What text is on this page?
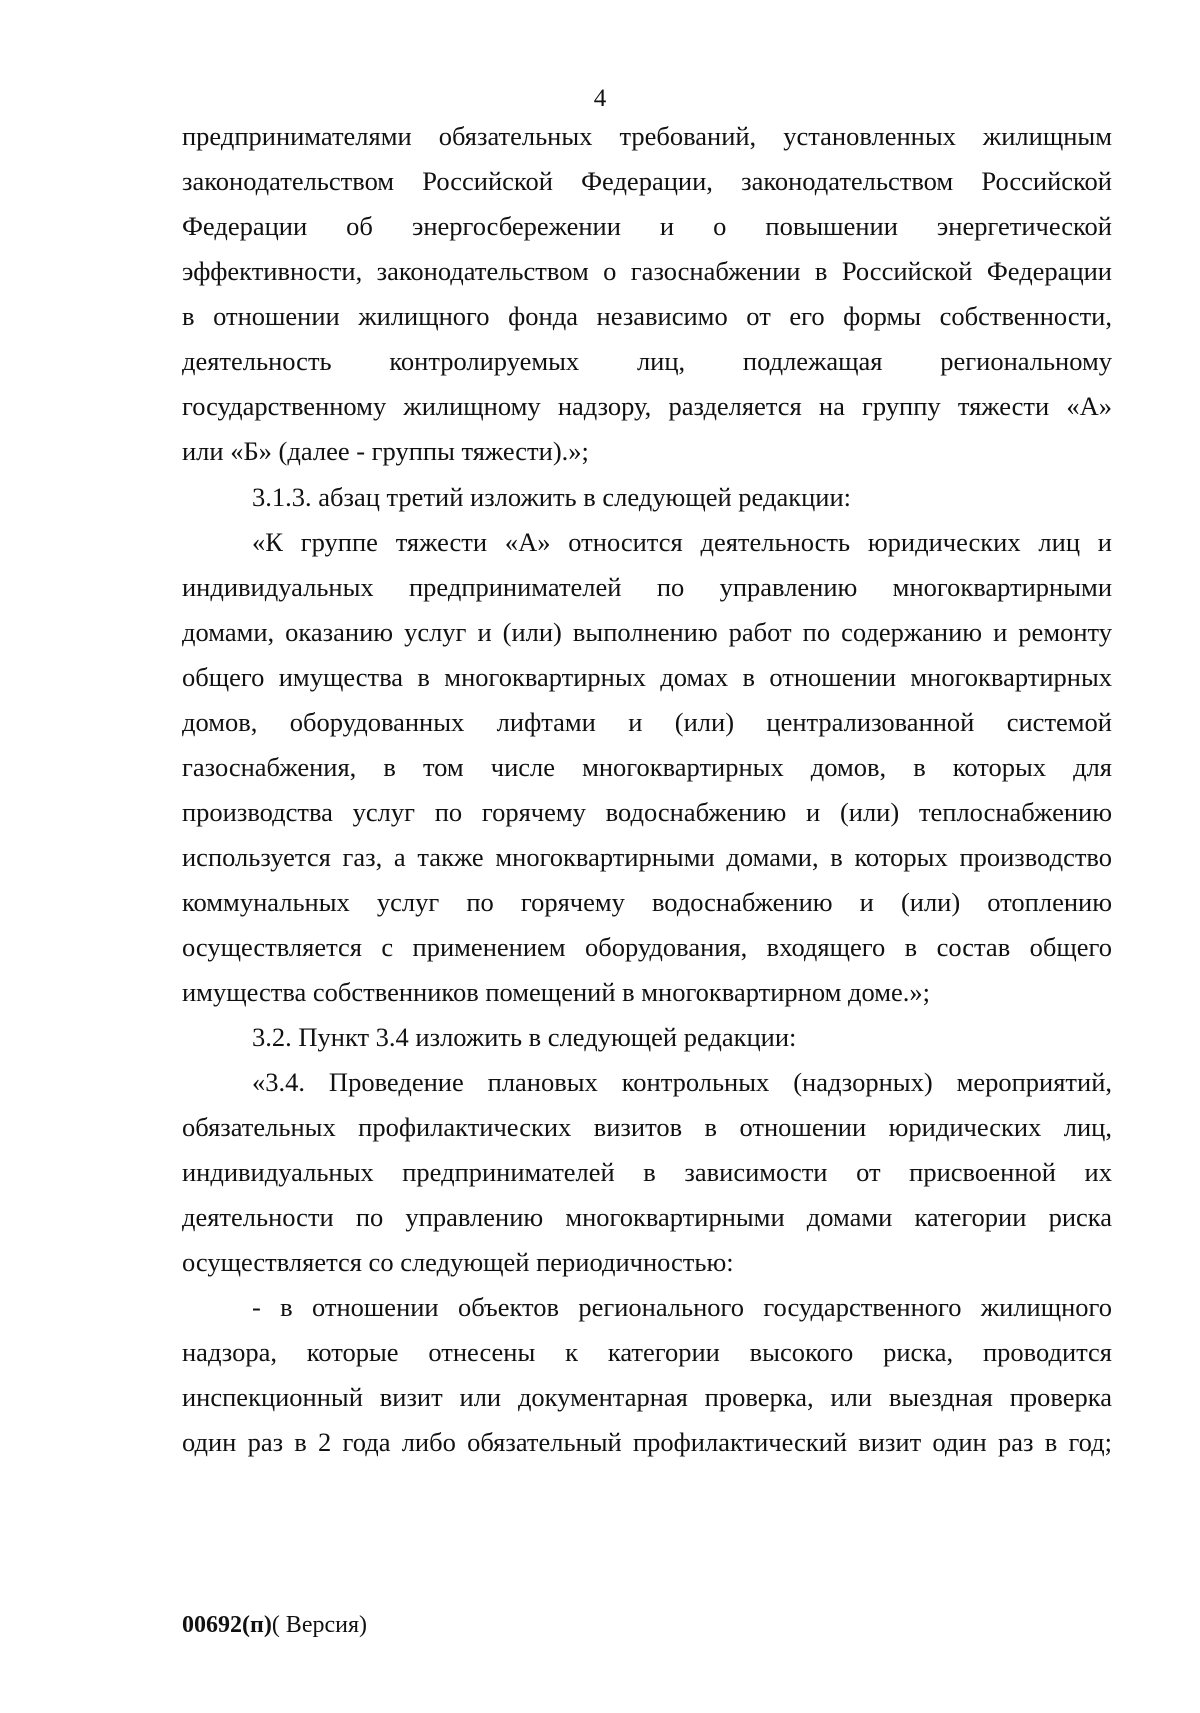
4
предпринимателями обязательных требований, установленных жилищным
законодательством Российской Федерации, законодательством Российской
Федерации об энергосбережении и о повышении энергетической
эффективности, законодательством о газоснабжении в Российской Федерации
в отношении жилищного фонда независимо от его формы собственности,
деятельность контролируемых лиц, подлежащая региональному
государственному жилищному надзору, разделяется на группу тяжести «А»
или «Б» (далее - группы тяжести).»;
3.1.3. абзац третий изложить в следующей редакции:
«К группе тяжести «А» относится деятельность юридических лиц и
индивидуальных предпринимателей по управлению многоквартирными
домами, оказанию услуг и (или) выполнению работ по содержанию и ремонту
общего имущества в многоквартирных домах в отношении многоквартирных
домов, оборудованных лифтами и (или) централизованной системой
газоснабжения, в том числе многоквартирных домов, в которых для
производства услуг по горячему водоснабжению и (или) теплоснабжению
используется газ, а также многоквартирными домами, в которых производство
коммунальных услуг по горячему водоснабжению и (или) отоплению
осуществляется с применением оборудования, входящего в состав общего
имущества собственников помещений в многоквартирном доме.»;
3.2. Пункт 3.4 изложить в следующей редакции:
«3.4. Проведение плановых контрольных (надзорных) мероприятий,
обязательных профилактических визитов в отношении юридических лиц,
индивидуальных предпринимателей в зависимости от присвоенной их
деятельности по управлению многоквартирными домами категории риска
осуществляется со следующей периодичностью:
- в отношении объектов регионального государственного жилищного
надзора, которые отнесены к категории высокого риска, проводится
инспекционный визит или документарная проверка, или выездная проверка
один раз в 2 года либо обязательный профилактический визит один раз в год;
00692(п)( Версия)
